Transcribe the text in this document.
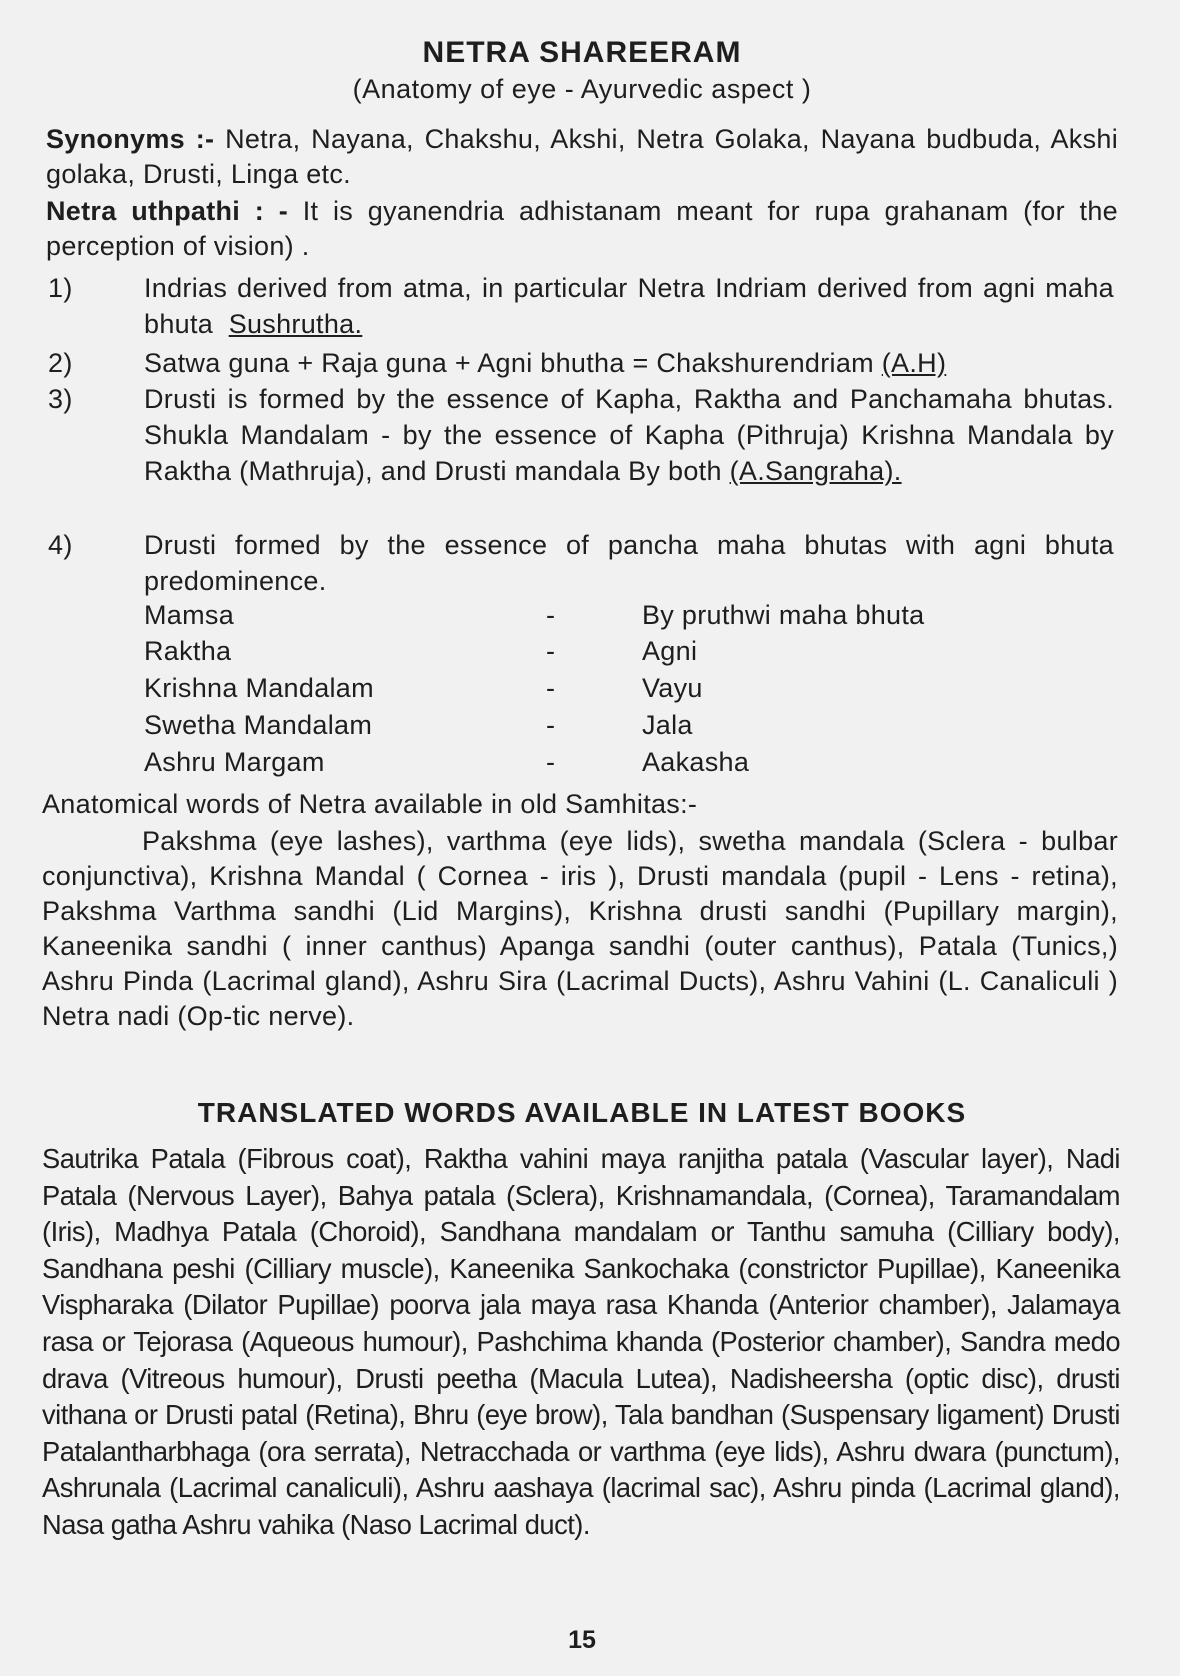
NETRA SHAREERAM
(Anatomy of eye - Ayurvedic aspect )
Synonyms :- Netra, Nayana, Chakshu, Akshi, Netra Golaka, Nayana budbuda, Akshi golaka, Drusti, Linga etc.
Netra uthpathi : - It is gyanendria adhistanam meant for rupa grahanam (for the perception of vision) .
1)	Indrias derived from atma, in particular Netra Indriam derived from agni maha bhuta Sushrutha.
2)	Satwa guna + Raja guna + Agni bhutha = Chakshurendriam (A.H)
3)	Drusti is formed by the essence of Kapha, Raktha and Panchamaha bhutas. Shukla Mandalam - by the essence of Kapha (Pithruja) Krishna Mandala by Raktha (Mathruja), and Drusti mandala By both (A.Sangraha).
4)	Drusti formed by the essence of pancha maha bhutas with agni bhuta predominence.
Mamsa	-	By pruthwi maha bhuta
Raktha	-	Agni
Krishna Mandalam	-	Vayu
Swetha Mandalam	-	Jala
Ashru Margam	-	Aakasha
Anatomical words of Netra available in old Samhitas:-
Pakshma (eye lashes), varthma (eye lids), swetha mandala (Sclera - bulbar conjunctiva), Krishna Mandal ( Cornea - iris ), Drusti mandala (pupil - Lens - retina), Pakshma Varthma sandhi (Lid Margins), Krishna drusti sandhi (Pupillary margin), Kaneenika sandhi ( inner canthus) Apanga sandhi (outer canthus), Patala (Tunics,) Ashru Pinda (Lacrimal gland), Ashru Sira (Lacrimal Ducts), Ashru Vahini (L. Canaliculi ) Netra nadi (Op-tic nerve).
TRANSLATED WORDS AVAILABLE IN LATEST BOOKS
Sautrika Patala (Fibrous coat), Raktha vahini maya ranjitha patala (Vascular layer), Nadi Patala (Nervous Layer), Bahya patala (Sclera), Krishnamandala, (Cornea), Taramandalam (Iris), Madhya Patala (Choroid), Sandhana mandalam or Tanthu samuha (Cilliary body), Sandhana peshi (Cilliary muscle), Kaneenika Sankochaka (constrictor Pupillae), Kaneenika Vispharaka (Dilator Pupillae) poorva jala maya rasa Khanda (Anterior chamber), Jalamaya rasa or Tejorasa (Aqueous humour), Pashchima khanda (Posterior chamber), Sandra medo drava (Vitreous humour), Drusti peetha (Macula Lutea), Nadisheersha (optic disc), drusti vithana or Drusti patal (Retina), Bhru (eye brow), Tala bandhan (Suspensary ligament) Drusti Patalantharbhaga (ora serrata), Netracchada or varthma (eye lids), Ashru dwara (punctum), Ashrunala (Lacrimal canaliculi), Ashru aashaya (lacrimal sac), Ashru pinda (Lacrimal gland), Nasa gatha Ashru vahika (Naso Lacrimal duct).
15
